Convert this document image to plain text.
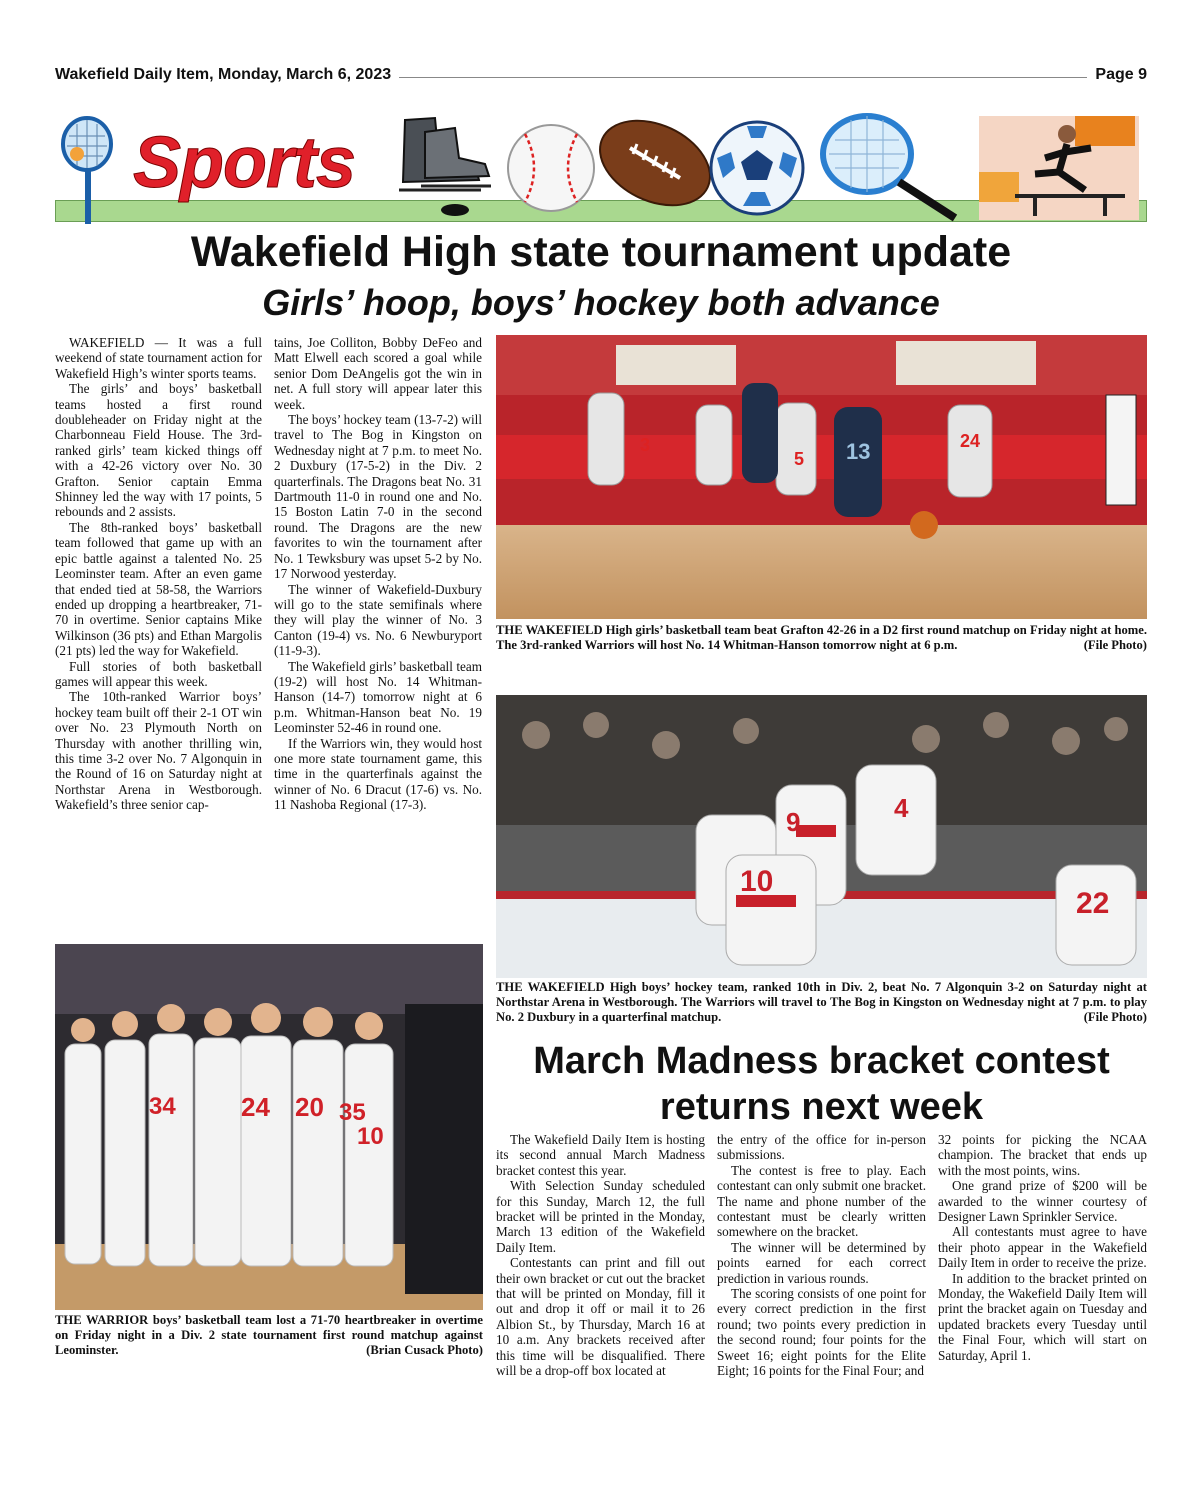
Wakefield Daily Item, Monday, March 6, 2023	Page 9
Sports
Wakefield High state tournament update
Girls’ hoop, boys’ hockey both advance

WAKEFIELD — It was a full weekend of state tournament action for Wakefield High’s winter sports teams.

The girls’ and boys’ basketball teams hosted a first round doubleheader on Friday night at the Charbonneau Field House. The 3rd-ranked girls’ team kicked things off with a 42-26 victory over No. 30 Grafton. Senior captain Emma Shinney led the way with 17 points, 5 rebounds and 2 assists.

The 8th-ranked boys’ basketball team followed that game up with an epic battle against a talented No. 25 Leominster team. After an even game that ended tied at 58-58, the Warriors ended up dropping a heartbreaker, 71-70 in overtime. Senior captains Mike Wilkinson (36 pts) and Ethan Margolis (21 pts) led the way for Wakefield.

Full stories of both basketball games will appear this week.

The 10th-ranked Warrior boys’ hockey team built off their 2-1 OT win over No. 23 Plymouth North on Thursday with another thrilling win, this time 3-2 over No. 7 Algonquin in the Round of 16 on Saturday night at Northstar Arena in Westborough. Wakefield’s three senior cap-

tains, Joe Colliton, Bobby DeFeo and Matt Elwell each scored a goal while senior Dom DeAngelis got the win in net. A full story will appear later this week.

The boys’ hockey team (13-7-2) will travel to The Bog in Kingston on Wednesday night at 7 p.m. to meet No. 2 Duxbury (17-5-2) in the Div. 2 quarterfinals. The Dragons beat No. 31 Dartmouth 11-0 in round one and No. 15 Boston Latin 7-0 in the second round. The Dragons are the new favorites to win the tournament after No. 1 Tewksbury was upset 5-2 by No. 17 Norwood yesterday.

The winner of Wakefield-Duxbury will go to the state semifinals where they will play the winner of No. 3 Canton (19-4) vs. No. 6 Newburyport (11-9-3).

The Wakefield girls’ basketball team (19-2) will host No. 14 Whitman-Hanson (14-7) tomorrow night at 6 p.m. Whitman-Hanson beat No. 19 Leominster 52-46 in round one.

If the Warriors win, they would host one more state tournament game, this time in the quarterfinals against the winner of No. 6 Dracut (17-6) vs. No. 11 Nashoba Regional (17-3).

3
5 13	24
THE WAKEFIELD High girls’ basketball team beat Grafton 42-26 in a D2 first round matchup on Friday night at home. The 3rd-ranked Warriors will host No. 14 Whitman-Hanson tomorrow night at 6 p.m.	(File Photo)
9	4
10
22
THE WAKEFIELD High boys’ hockey team, ranked 10th in Div. 2, beat No. 7 Algonquin 3-2 on Saturday night at Northstar Arena in Westborough. The Warriors will travel to The Bog in Kingston on Wednesday night at 7 p.m. to play No. 2 Duxbury in a quarterfinal matchup.	(File Photo)
34	24 20 35
10
THE WARRIOR boys’ basketball team lost a 71-70 heartbreaker in overtime on Friday night in a Div. 2 state tournament first round matchup against Leominster.	(Brian Cusack Photo)
March Madness bracket contest
returns next week

The Wakefield Daily Item is hosting its second annual March Madness bracket contest this year.

With Selection Sunday scheduled for this Sunday, March 12, the full bracket will be printed in the Monday, March 13 edition of the Wakefield Daily Item.

Contestants can print and fill out their own bracket or cut out the bracket that will be printed on Monday, fill it out and drop it off or mail it to 26 Albion St., by Thursday, March 16 at 10 a.m. Any brackets received after this time will be disqualified. There will be a drop-off box located at

the entry of the office for in-person submissions.

The contest is free to play. Each contestant can only submit one bracket. The name and phone number of the contestant must be clearly written somewhere on the bracket.

The winner will be determined by points earned for each correct prediction in various rounds.

The scoring consists of one point for every correct prediction in the first round; two points every prediction in the second round; four points for the Sweet 16; eight points for the Elite Eight; 16 points for the Final Four; and

32 points for picking the NCAA champion. The bracket that ends up with the most points, wins.

One grand prize of $200 will be awarded to the winner courtesy of Designer Lawn Sprinkler Service.

All contestants must agree to have their photo appear in the Wakefield Daily Item in order to receive the prize.

In addition to the bracket printed on Monday, the Wakefield Daily Item will print the bracket again on Tuesday and updated brackets every Tuesday until the Final Four, which will start on Saturday, April 1.
